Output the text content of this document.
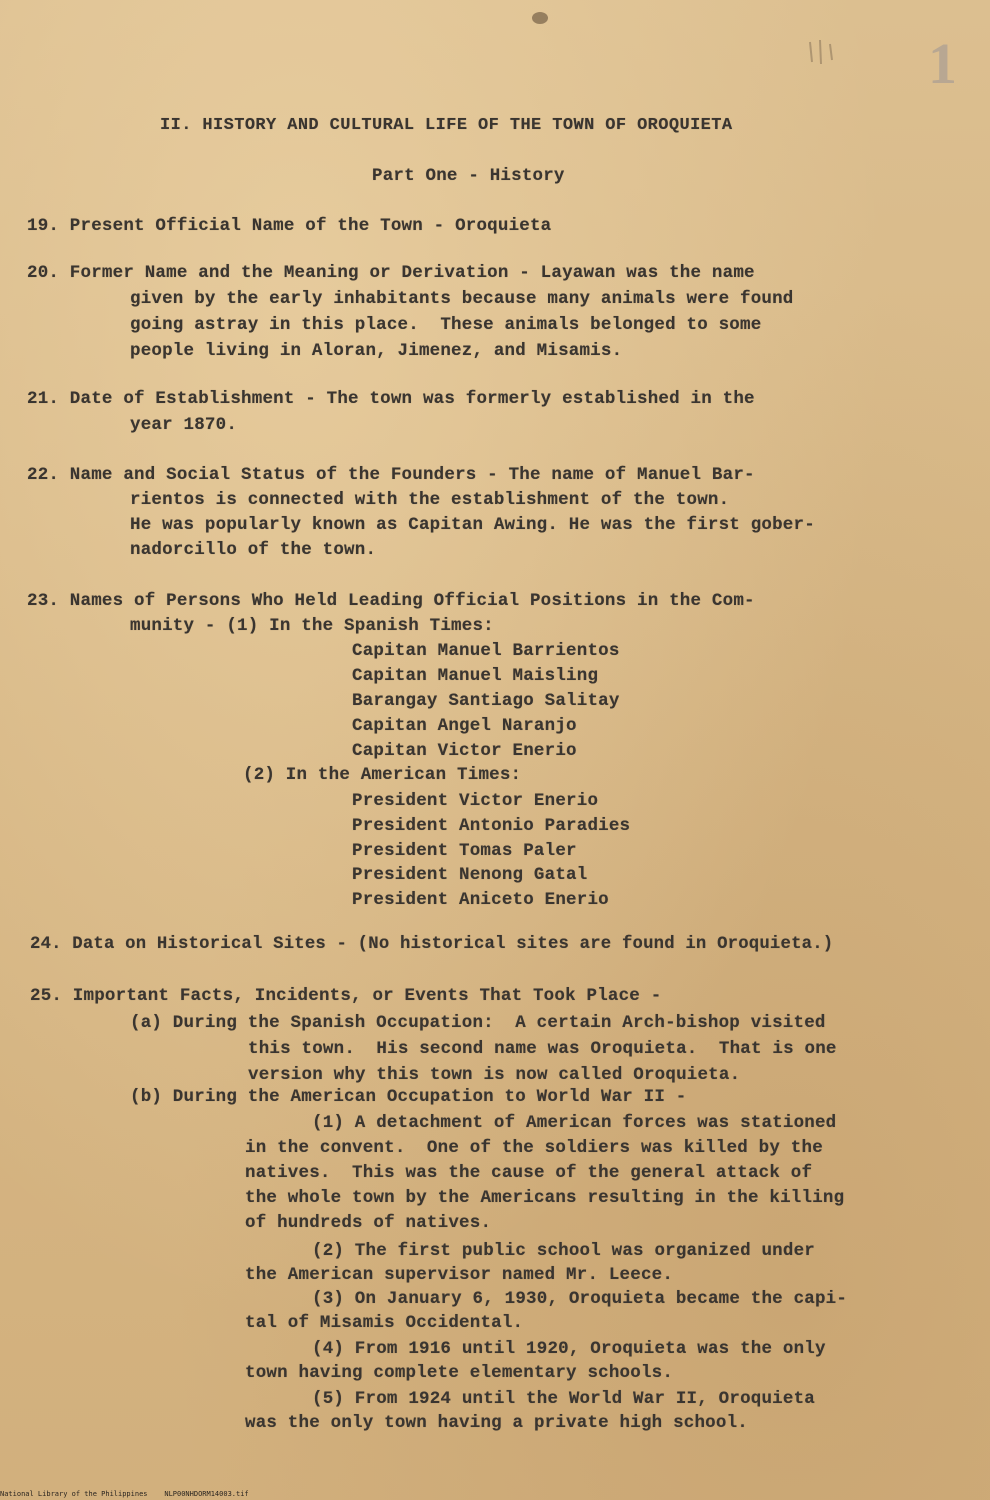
1
II. HISTORY AND CULTURAL LIFE OF THE TOWN OF OROQUIETA
Part One - History
19. Present Official Name of the Town - Oroquieta
20. Former Name and the Meaning or Derivation - Layawan was the name
given by the early inhabitants because many animals were found
going astray in this place.  These animals belonged to some
people living in Aloran, Jimenez, and Misamis.
21. Date of Establishment - The town was formerly established in the
year 1870.
22. Name and Social Status of the Founders - The name of Manuel Bar-
rientos is connected with the establishment of the town.
He was popularly known as Capitan Awing. He was the first gober-
nadorcillo of the town.
23. Names of Persons Who Held Leading Official Positions in the Com-
munity - (1) In the Spanish Times:
Capitan Manuel Barrientos
Capitan Manuel Maisling
Barangay Santiago Salitay
Capitan Angel Naranjo
Capitan Victor Enerio
(2) In the American Times:
President Victor Enerio
President Antonio Paradies
President Tomas Paler
President Nenong Gatal
President Aniceto Enerio
24. Data on Historical Sites - (No historical sites are found in Oroquieta.)
25. Important Facts, Incidents, or Events That Took Place -
(a) During the Spanish Occupation:  A certain Arch-bishop visited
this town.  His second name was Oroquieta.  That is one
version why this town is now called Oroquieta.
(b) During the American Occupation to World War II -
(1) A detachment of American forces was stationed
in the convent.  One of the soldiers was killed by the
natives.  This was the cause of the general attack of
the whole town by the Americans resulting in the killing
of hundreds of natives.
(2) The first public school was organized under
the American supervisor named Mr. Leece.
(3) On January 6, 1930, Oroquieta became the capi-
tal of Misamis Occidental.
(4) From 1916 until 1920, Oroquieta was the only
town having complete elementary schools.
(5) From 1924 until the World War II, Oroquieta
was the only town having a private high school.
National Library of the Philippines    NLP00NHDORM14003.tif
